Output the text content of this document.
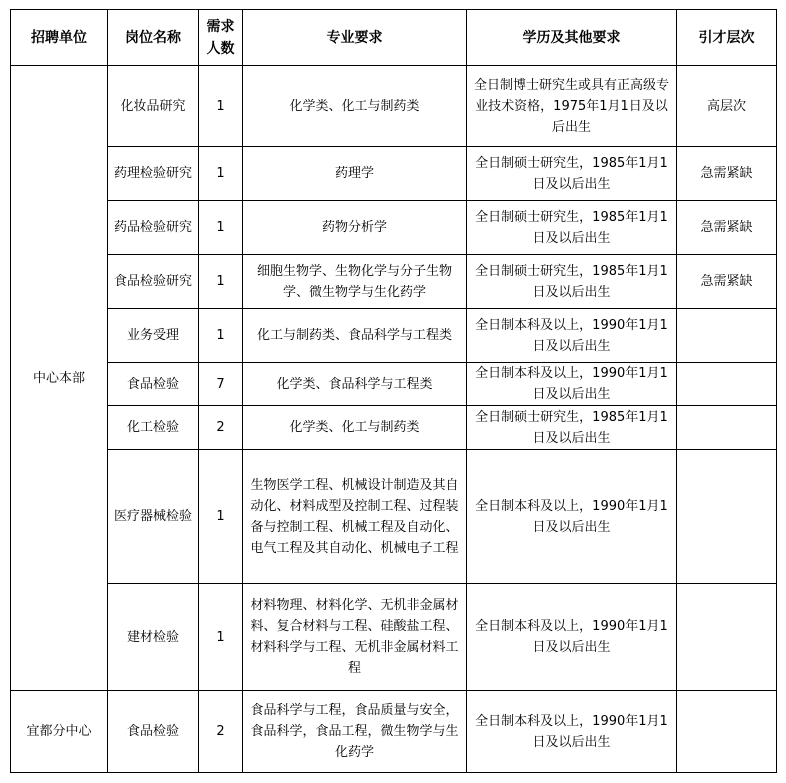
招聘单位	岗位名称	需求人数	专业要求	学历及其他要求	引才层次
中心本部	化妆品研究	1	化学类、化工与制药类	全日制博士研究生或具有正高级专业技术资格，1975年1月1日及以后出生	高层次
	药理检验研究	1	药理学	全日制硕士研究生，1985年1月1日及以后出生	急需紧缺
	药品检验研究	1	药物分析学	全日制硕士研究生，1985年1月1日及以后出生	急需紧缺
	食品检验研究	1	细胞生物学、生物化学与分子生物学、微生物学与生化药学	全日制硕士研究生，1985年1月1日及以后出生	急需紧缺
	业务受理	1	化工与制药类、食品科学与工程类	全日制本科及以上，1990年1月1日及以后出生	
	食品检验	7	化学类、食品科学与工程类	全日制本科及以上，1990年1月1日及以后出生	
	化工检验	2	化学类、化工与制药类	全日制硕士研究生，1985年1月1日及以后出生	
	医疗器械检验	1	生物医学工程、机械设计制造及其自动化、材料成型及控制工程、过程装备与控制工程、机械工程及自动化、电气工程及其自动化、机械电子工程	全日制本科及以上，1990年1月1日及以后出生	
	建材检验	1	材料物理、材料化学、无机非金属材料、复合材料与工程、硅酸盐工程、材料科学与工程、无机非金属材料工程	全日制本科及以上，1990年1月1日及以后出生	
宜都分中心	食品检验	2	食品科学与工程，食品质量与安全，食品科学，食品工程，微生物学与生化药学	全日制本科及以上，1990年1月1日及以后出生	
